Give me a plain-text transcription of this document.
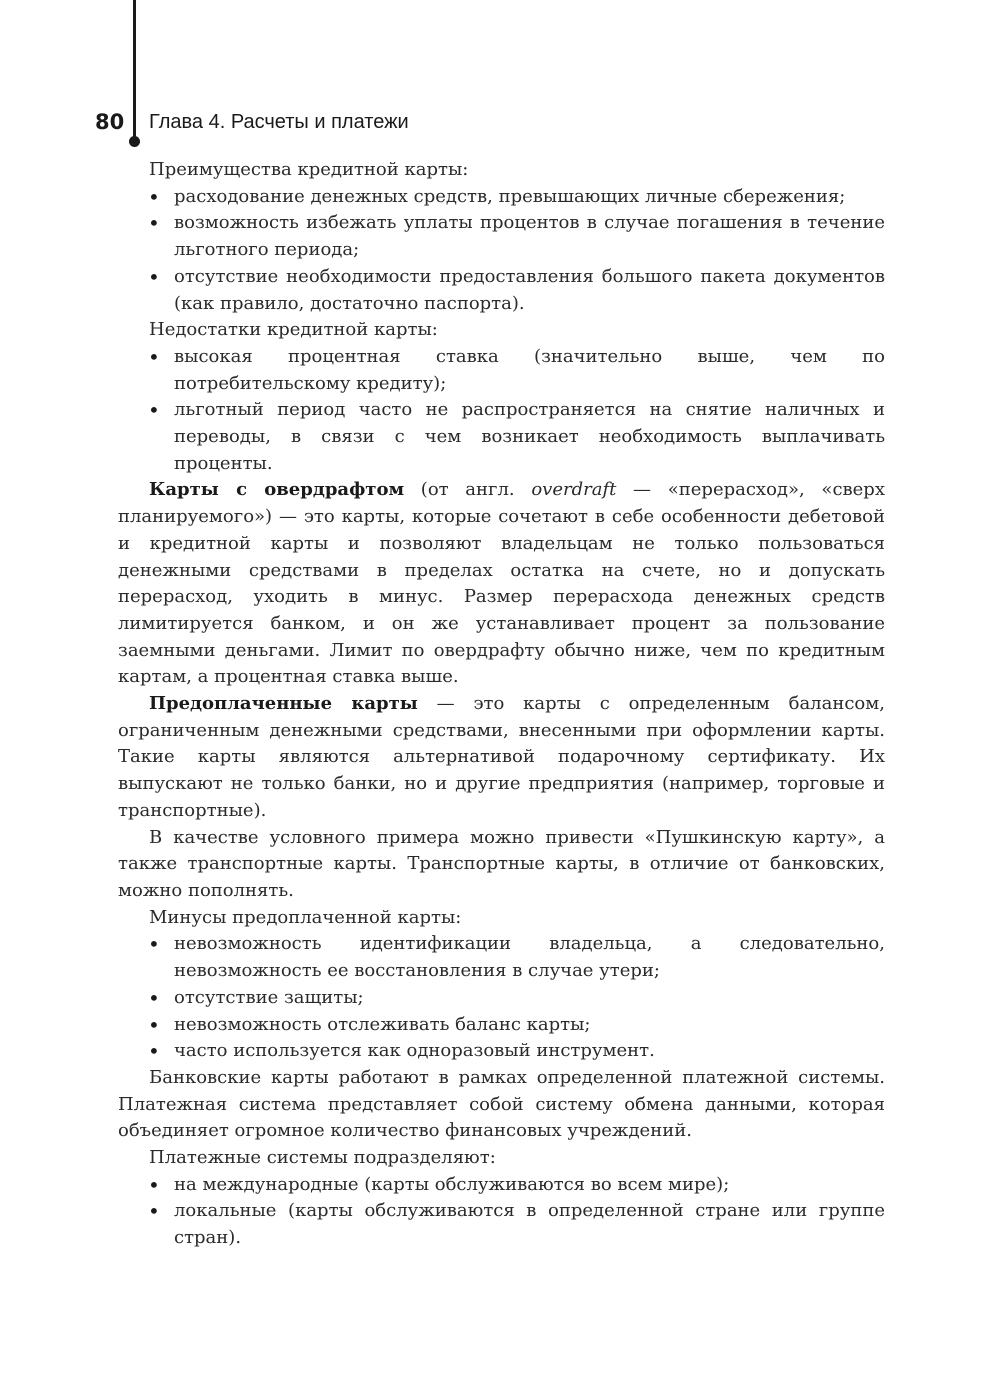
80 Глава 4. Расчеты и платежи

Преимущества кредитной карты:

• расходование денежных средств, превышающих личные сбережения;
• возможность избежать уплаты процентов в случае погашения в течение льготного периода;
• отсутствие необходимости предоставления большого пакета документов (как правило, достаточно паспорта).

Недостатки кредитной карты:

• высокая процентная ставка (значительно выше, чем по потребительскому кредиту);
• льготный период часто не распространяется на снятие наличных и переводы, в связи с чем возникает необходимость выплачивать проценты.

Карты с овердрафтом (от англ. overdraft — «перерасход», «сверх планируемого») — это карты, которые сочетают в себе особенности дебетовой и кредитной карты и позволяют владельцам не только пользоваться денежными средствами в пределах остатка на счете, но и допускать перерасход, уходить в минус. Размер перерасхода денежных средств лимитируется банком, и он же устанавливает процент за пользование заемными деньгами. Лимит по овердрафту обычно ниже, чем по кредитным картам, а процентная ставка выше.

Предоплаченные карты — это карты с определенным балансом, ограниченным денежными средствами, внесенными при оформлении карты. Такие карты являются альтернативой подарочному сертификату. Их выпускают не только банки, но и другие предприятия (например, торговые и транспортные).

В качестве условного примера можно привести «Пушкинскую карту», а также транспортные карты. Транспортные карты, в отличие от банковских, можно пополнять.

Минусы предоплаченной карты:

• невозможность идентификации владельца, а следовательно, невозможность ее восстановления в случае утери;
• отсутствие защиты;
• невозможность отслеживать баланс карты;
• часто используется как одноразовый инструмент.

Банковские карты работают в рамках определенной платежной системы. Платежная система представляет собой систему обмена данными, которая объединяет огромное количество финансовых учреждений.

Платежные системы подразделяют:

• на международные (карты обслуживаются во всем мире);
• локальные (карты обслуживаются в определенной стране или группе стран).
